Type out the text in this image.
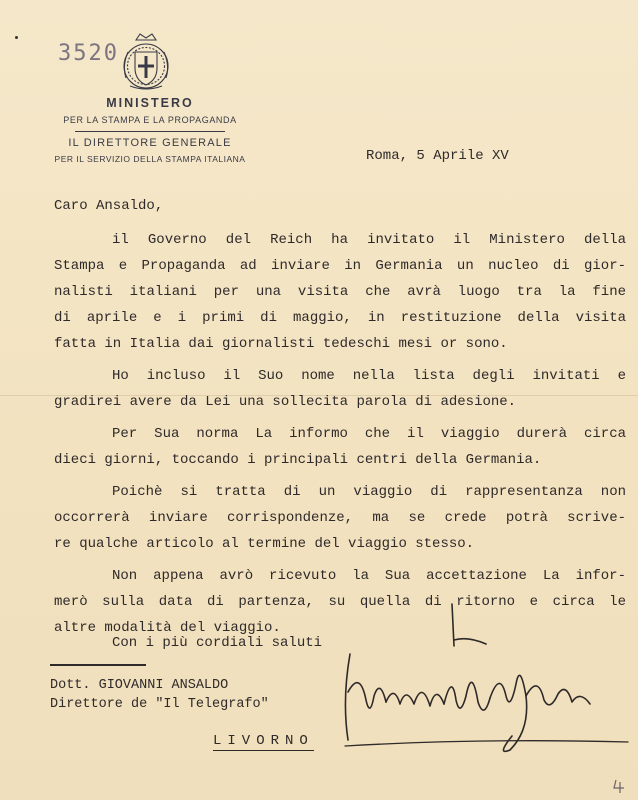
3520
MINISTERO
PER LA STAMPA E LA PROPAGANDA
IL DIRETTORE GENERALE
PER IL SERVIZIO DELLA STAMPA ITALIANA	Roma, 5 Aprile XV
Caro Ansaldo,

il Governo del Reich ha invitato il Ministero della
Stampa e Propaganda ad inviare in Germania un nucleo di gior-
nalisti italiani per una visita che avrà luogo tra la fine
di aprile e i primi di maggio, in restituzione della visita
fatta in Italia dai giornalisti tedeschi mesi or sono.

Ho incluso il Suo nome nella lista degli invitati e
gradirei avere da Lei una sollecita parola di adesione.

Per Sua norma La informo che il viaggio durerà circa
dieci giorni, toccando i principali centri della Germania.

Poichè si tratta di un viaggio di rappresentanza non
occorrerà inviare corrispondenze, ma se crede potrà scrive-
re qualche articolo al termine del viaggio stesso.

Non appena avrò ricevuto la Sua accettazione La infor-
merò sulla data di partenza, su quella di ritorno e circa le
altre modalità del viaggio.

Con i più cordiali saluti
Dott. GIOVANNI ANSALDO
Direttore de "Il Telegrafo"
LIVORNO
